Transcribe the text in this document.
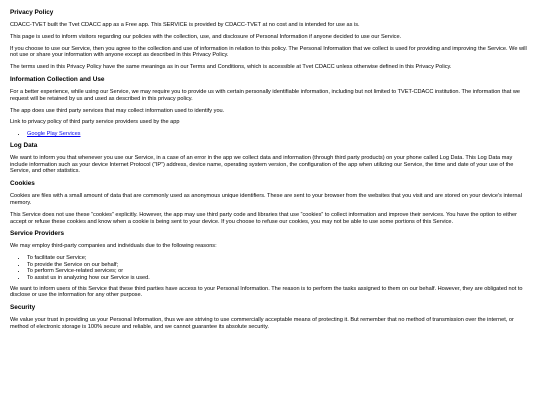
Privacy Policy
CDACC-TVET built the Tvet CDACC app as a Free app. This SERVICE is provided by CDACC-TVET at no cost and is intended for use as is.
This page is used to inform visitors regarding our policies with the collection, use, and disclosure of Personal Information if anyone decided to use our Service.
If you choose to use our Service, then you agree to the collection and use of information in relation to this policy. The Personal Information that we collect is used for providing and improving the Service. We will not use or share your information with anyone except as described in this Privacy Policy.
The terms used in this Privacy Policy have the same meanings as in our Terms and Conditions, which is accessible at Tvet CDACC unless otherwise defined in this Privacy Policy.
Information Collection and Use
For a better experience, while using our Service, we may require you to provide us with certain personally identifiable information, including but not limited to TVET-CDACC institution. The information that we request will be retained by us and used as described in this privacy policy.
The app does use third party services that may collect information used to identify you.
Link to privacy policy of third party service providers used by the app
• Google Play Services
Log Data
We want to inform you that whenever you use our Service, in a case of an error in the app we collect data and information (through third party products) on your phone called Log Data. This Log Data may include information such as your device Internet Protocol (“IP”) address, device name, operating system version, the configuration of the app when utilizing our Service, the time and date of your use of the Service, and other statistics.
Cookies
Cookies are files with a small amount of data that are commonly used as anonymous unique identifiers. These are sent to your browser from the websites that you visit and are stored on your device's internal memory.
This Service does not use these “cookies” explicitly. However, the app may use third party code and libraries that use “cookies” to collect information and improve their services. You have the option to either accept or refuse these cookies and know when a cookie is being sent to your device. If you choose to refuse our cookies, you may not be able to use some portions of this Service.
Service Providers
We may employ third-party companies and individuals due to the following reasons:
• To facilitate our Service;
• To provide the Service on our behalf;
• To perform Service-related services; or
• To assist us in analyzing how our Service is used.
We want to inform users of this Service that these third parties have access to your Personal Information. The reason is to perform the tasks assigned to them on our behalf. However, they are obligated not to disclose or use the information for any other purpose.
Security
We value your trust in providing us your Personal Information, thus we are striving to use commercially acceptable means of protecting it. But remember that no method of transmission over the internet, or method of electronic storage is 100% secure and reliable, and we cannot guarantee its absolute security.
